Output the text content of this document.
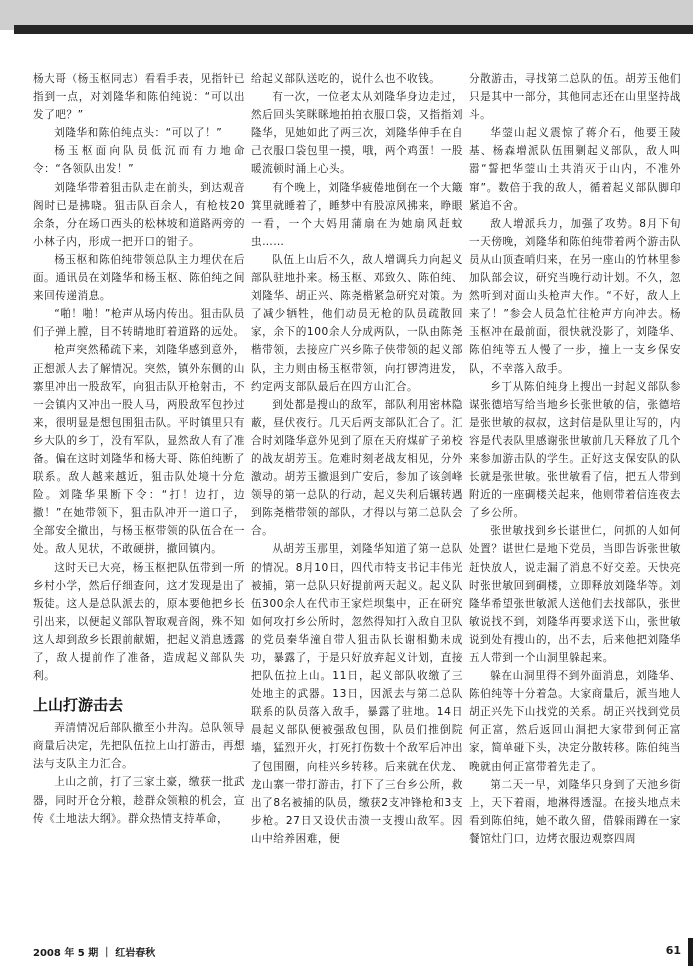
杨大哥（杨玉枢同志）看看手表，见指针已指到一点，对刘隆华和陈伯纯说：“可以出发了吧？”

刘隆华和陈伯纯点头：“可以了！”

杨玉枢面向队员低沉而有力地命令：“各领队出发！”

刘隆华带着狙击队走在前头，到达观音阁时已是拂晓。狙击队百余人，有枪枝20余条，分在场口西头的松林坡和道路两旁的小林子内，形成一把开口的钳子。

杨玉枢和陈伯纯带领总队主力埋伏在后面。通讯员在刘隆华和杨玉枢、陈伯纯之间来回传递消息。

“啪！啪！”枪声从场内传出。狙击队员们子弹上膛，目不转睛地盯着道路的远处。

枪声突然稀疏下来，刘隆华感到意外，正想派人去了解情况。突然，镇外东侧的山寨里冲出一股敌军，向狙击队开枪射击，不一会镇内又冲出一股人马，两股敌军包抄过来，很明显是想包围狙击队。平时镇里只有乡大队的乡丁，没有军队，显然敌人有了准备。偏在这时刘隆华和杨大哥、陈伯纯断了联系。敌人越来越近，狙击队处境十分危险。刘隆华果断下令：“打！边打，边撤！”在她带领下，狙击队冲开一道口子，全部安全撤出，与杨玉枢带领的队伍合在一处。敌人见状，不敢硬拼，撤回镇内。

这时天已大亮，杨玉枢把队伍带到一所乡村小学，然后仔细查问，这才发现是出了叛徒。这人是总队派去的，原本要他把乡长引出来，以便起义部队智取观音阁，殊不知这人却到敌乡长跟前献媚，把起义消息透露了，敌人提前作了准备，造成起义部队失利。

上山打游击去

弄清情况后部队撤至小井沟。总队领导商量后决定，先把队伍拉上山打游击，再想法与支队主力汇合。

上山之前，打了三家土豪，缴获一批武器，同时开仓分粮，趁群众领粮的机会，宣传《土地法大纲》。群众热情支持革命，

给起义部队送吃的，说什么也不收钱。

有一次，一位老太从刘隆华身边走过，然后回头笑眯眯地拍拍衣服口袋，又指指刘隆华，见她如此了两三次，刘隆华伸手在自己衣服口袋包里一摸，哦，两个鸡蛋！一股暖流顿时涌上心头。

有个晚上，刘隆华疲倦地倒在一个大簸箕里就睡着了，睡梦中有股凉风拂来，睁眼一看，一个大妈用蒲扇在为她扇风赶蚊虫……

队伍上山后不久，敌人增调兵力向起义部队驻地扑来。杨玉枢、邓致久、陈伯纯、刘隆华、胡正兴、陈尧楷紧急研究对策。为了减少牺牲，他们动员无枪的队员疏散回家，余下的100余人分成两队，一队由陈尧楷带领，去接应广兴乡陈子侠带领的起义部队，主力则由杨玉枢带领，向打锣湾进发，约定两支部队最后在四方山汇合。

到处都是搜山的敌军，部队利用密林隐蔽，昼伏夜行。几天后两支部队汇合了。汇合时刘隆华意外见到了原在天府煤矿子弟校的战友胡芳玉。危难时刻老战友相见，分外激动。胡芳玉撤退到广安后，参加了该剑峰领导的第一总队的行动，起义失利后辗转遇到陈尧楷带领的部队，才得以与第二总队会合。

从胡芳玉那里，刘隆华知道了第一总队的情况。8月10日，四代市特支书记丰伟光被捕，第一总队只好提前两天起义。起义队伍300余人在代市王家烂坝集中，正在研究如何攻打乡公所时，忽然得知打入敌自卫队的党员秦华潼自带人狙击队长谢相勤未成功，暴露了，于是只好放弃起义计划，直接把队伍拉上山。11日，起义部队收缴了三处地主的武器。13日，因派去与第二总队联系的队员落入敌手，暴露了驻地。14日晨起义部队便被强敌包围，队员们推倒院墙，猛烈开火，打死打伤数十个敌军后冲出了包围圈，向桂兴乡转移。后来就在伏龙、龙山寨一带打游击，打下了三台乡公所，救出了8名被捕的队员，缴获2支冲锋枪和3支步枪。27日又设伏击溃一支搜山敌军。因山中给养困难，便

分散游击，寻找第二总队的伍。胡芳玉他们只是其中一部分，其他同志还在山里坚持战斗。

华蓥山起义震惊了蒋介石，他要王陵基、杨森增派队伍围剿起义部队，敌人叫嚣“誓把华蓥山土共消灭于山内，不准外窜”。数倍于我的敌人，循着起义部队脚印紧追不舍。

敌人增派兵力，加强了攻势。8月下旬一天傍晚，刘隆华和陈伯纯带着两个游击队员从山顶查哨归来，在另一座山的竹林里参加队部会议，研究当晚行动计划。不久，忽然听到对面山头枪声大作。“不好，敌人上来了！”参会人员急忙往枪声方向冲去。杨玉枢冲在最前面，很快就没影了，刘隆华、陈伯纯等五人慢了一步，撞上一支乡保安队，不幸落入敌手。

乡丁从陈伯纯身上搜出一封起义部队参谋张德培写给当地乡长张世敏的信，张德培是张世敏的叔叔，这封信是队里让写的，内容是代表队里感谢张世敏前几天释放了几个来参加游击队的学生。正好这支保安队的队长就是张世敏。张世敏看了信，把五人带到附近的一座碉楼关起来，他则带着信连夜去了乡公所。

张世敏找到乡长谌世仁，问抓的人如何处置？谌世仁是地下党员，当即告诉张世敏赶快放人，说走漏了消息不好交差。天快亮时张世敏回到碉楼，立即释放刘隆华等。刘隆华希望张世敏派人送他们去找部队，张世敏说找不到，刘隆华再要求送下山，张世敏说到处有搜山的，出不去，后来他把刘隆华五人带到一个山洞里躲起来。

躲在山洞里得不到外面消息，刘隆华、陈伯纯等十分着急。大家商量后，派当地人胡正兴先下山找党的关系。胡正兴找到党员何正富，然后返回山洞把大家带到何正富家，简单碰下头，决定分散转移。陈伯纯当晚就由何正富带着先走了。

第二天一早，刘隆华只身到了天池乡街上，天下着雨，地淋得透湿。在接头地点未看到陈伯纯，她不敢久留，借躲雨蹲在一家餐馆灶门口，边烤衣服边观察四周

2008 年 5 期 ｜ 红岩春秋	61
